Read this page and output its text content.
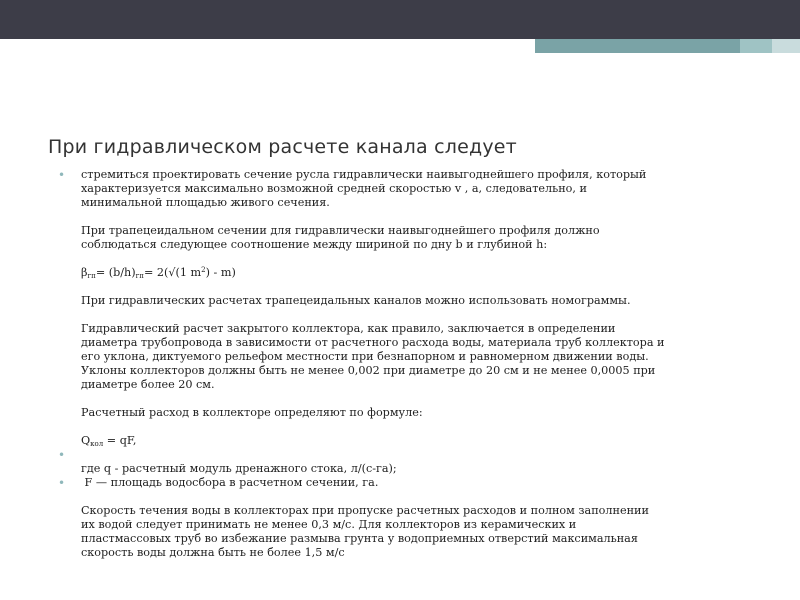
При гидравлическом расчете канала следует
• стремиться проектировать сечение русла гидравлически наивыгоднейшего профиля, который
характеризуется максимально возможной средней скоростью v , а, следовательно, и
минимальной площадью живого сечения.
При трапецеидальном сечении для гидравлически наивыгоднейшего профиля должно
соблюдаться следующее соотношение между шириной по дну b и глубиной h:
$\beta_{гп}= (b/h)_{гп}= 2(√(1$ $m^2) - m$)
При гидравлических расчетах трапецеидальных каналов можно использовать номограммы.
Гидравлический расчет закрытого коллектора, как правило, заключается в определении
диаметра трубопровода в зависимости от расчетного расхода воды, материала труб коллектора и
его уклона, диктуемого рельефом местности при безнапорном и равномерном движении воды.
Уклоны коллекторов должны быть не менее 0,002 при диаметре до 20 см и не менее 0,0005 при
диаметре более 20 см.
Расчетный расход в коллекторе определяют по формуле:
$Q_{кол}$ = qF,
•
где q - расчетный модуль дренажного стока, л/(с-га);
• F — площадь водосбора в расчетном сечении, га.
Скорость течения воды в коллекторах при пропуске расчетных расходов и полном заполнении
их водой следует принимать не менее 0,3 м/с. Для коллекторов из керамических и
пластмассовых труб во избежание размыва грунта у водоприемных отверстий максимальная
скорость воды должна быть не более 1,5 м/с
